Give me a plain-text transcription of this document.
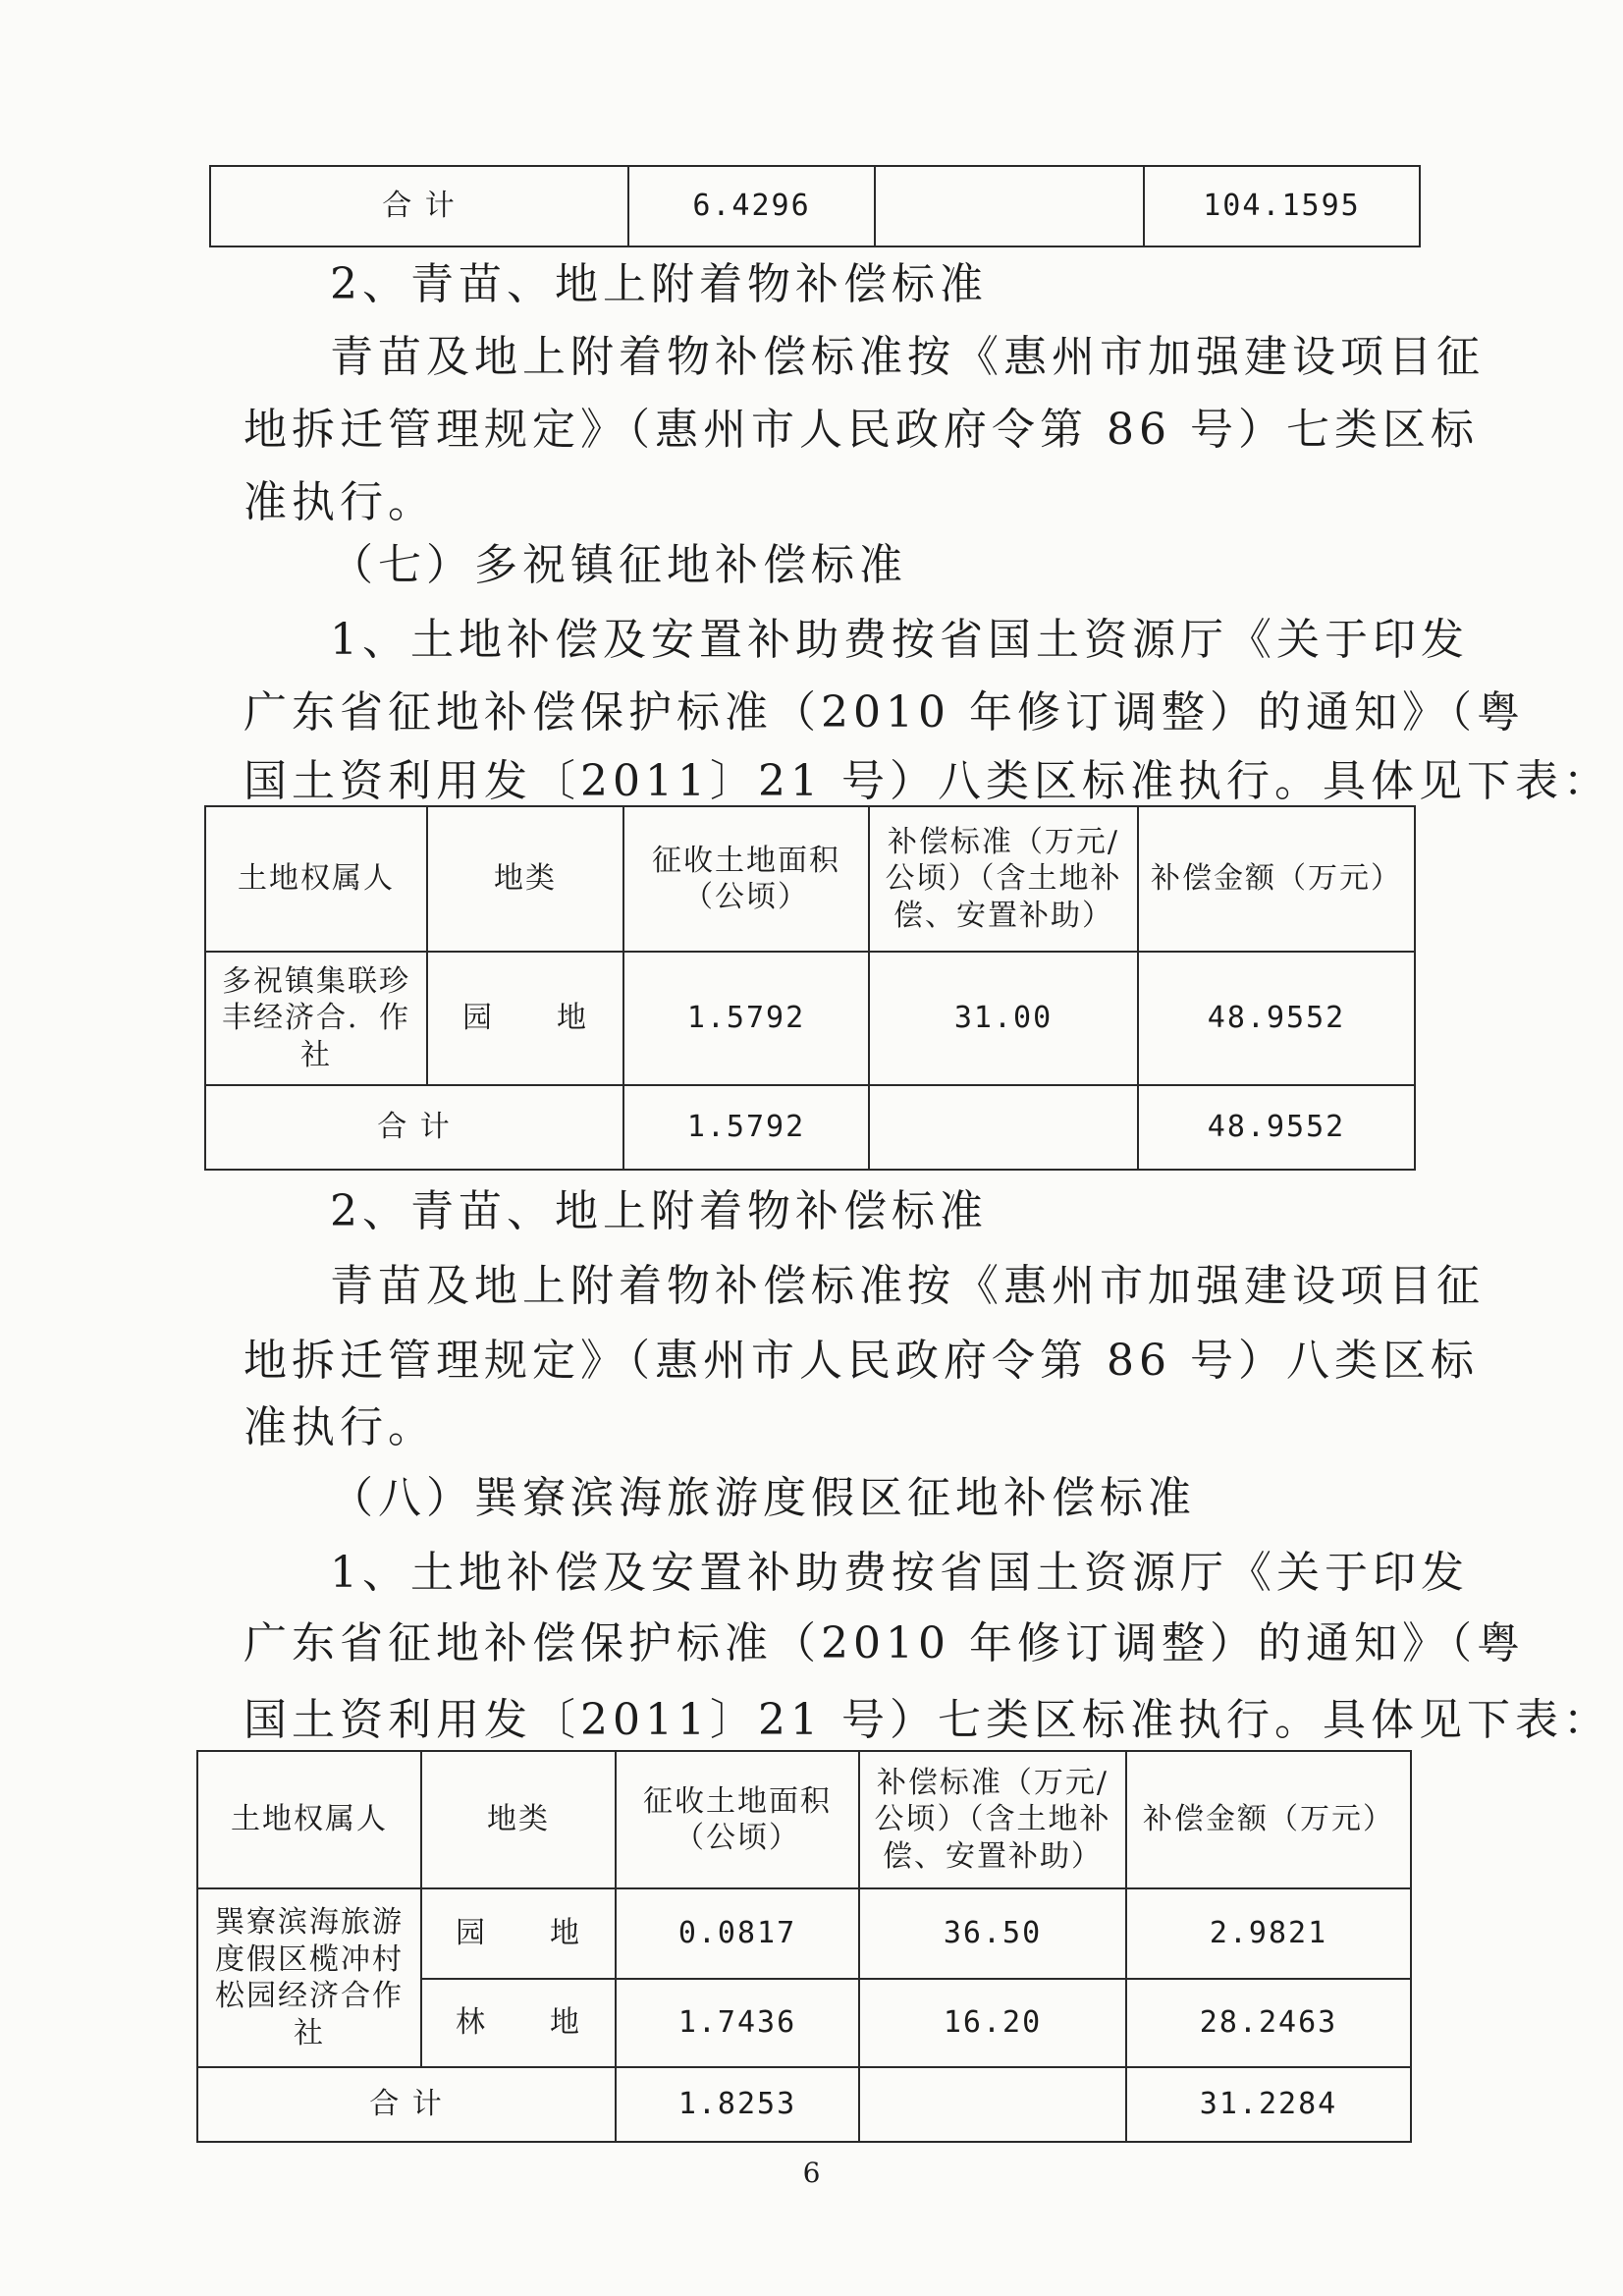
合 计	6.4296		104.1595

2、青苗、地上附着物补偿标准

青苗及地上附着物补偿标准按《惠州市加强建设项目征

地拆迁管理规定》（惠州市人民政府令第 86 号）七类区标

准执行。

（七）多祝镇征地补偿标准

1、土地补偿及安置补助费按省国土资源厅《关于印发

广东省征地补偿保护标准（2010 年修订调整）的通知》（粤

国土资利用发〔2011〕21 号）八类区标准执行。具体见下表：

土地权属人	地类	征收土地面积（公顷）	补偿标准（万元/公顷）（含土地补偿、安置补助）	补偿金额（万元）
多祝镇集联珍丰经济合．作社	园　　地	1.5792	31.00	48.9552
合 计		1.5792		48.9552

2、青苗、地上附着物补偿标准

青苗及地上附着物补偿标准按《惠州市加强建设项目征

地拆迁管理规定》（惠州市人民政府令第 86 号）八类区标

准执行。

（八）巽寮滨海旅游度假区征地补偿标准

1、土地补偿及安置补助费按省国土资源厅《关于印发

广东省征地补偿保护标准（2010 年修订调整）的通知》（粤

国土资利用发〔2011〕21 号）七类区标准执行。具体见下表：

土地权属人	地类	征收土地面积（公顷）	补偿标准（万元/公顷）（含土地补偿、安置补助）	补偿金额（万元）
巽寮滨海旅游度假区榄冲村松园经济合作社	园　　地	0.0817	36.50	2.9821
	林　　地	1.7436	16.20	28.2463
合 计		1.8253		31.2284
6
